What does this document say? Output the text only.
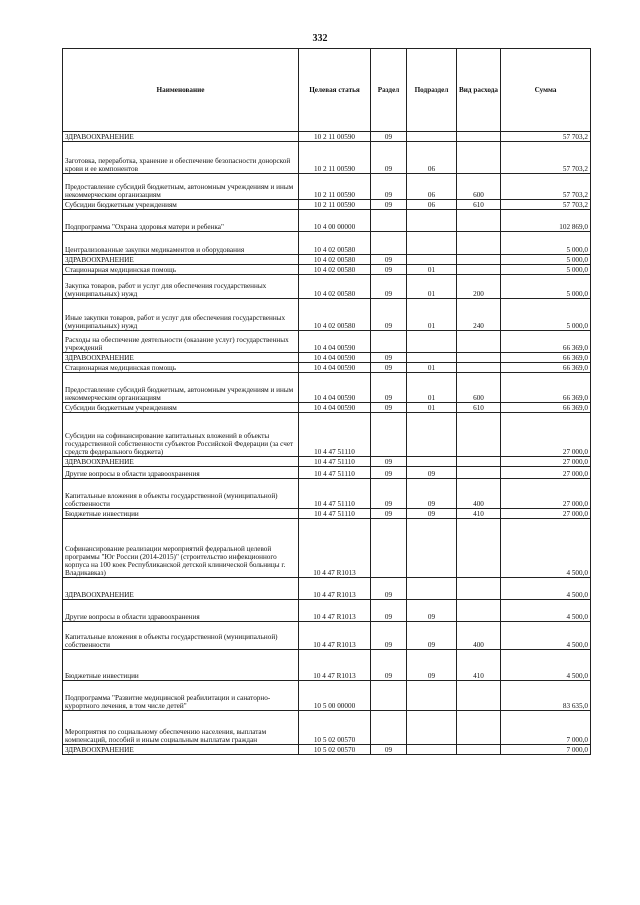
332
Наименование	Целевая статья	Раздел	Подраздел	Вид расхода	Сумма
ЗДРАВООХРАНЕНИЕ	10 2 11 00590	09			57 703,2
Заготовка, переработка, хранение и обеспечение безопасности донорской крови и ее компонентов	10 2 11 00590	09	06		57 703,2
Предоставление субсидий бюджетным, автономным учреждениям и иным некоммерческим организациям	10 2 11 00590	09	06	600	57 703,2
Субсидии бюджетным учреждениям	10 2 11 00590	09	06	610	57 703,2
Подпрограмма "Охрана здоровья матери и ребенка"	10 4 00 00000				102 869,0
Централизованные закупки медикаментов и оборудования	10 4 02 00580				5 000,0
ЗДРАВООХРАНЕНИЕ	10 4 02 00580	09			5 000,0
Стационарная медицинская помощь	10 4 02 00580	09	01		5 000,0
Закупка товаров, работ и услуг для обеспечения государственных (муниципальных) нужд	10 4 02 00580	09	01	200	5 000,0
Иные закупки товаров, работ и услуг для обеспечения государственных (муниципальных) нужд	10 4 02 00580	09	01	240	5 000,0
Расходы на обеспечение деятельности (оказание услуг) государственных учреждений	10 4 04 00590				66 369,0
ЗДРАВООХРАНЕНИЕ	10 4 04 00590	09			66 369,0
Стационарная медицинская помощь	10 4 04 00590	09	01		66 369,0
Предоставление субсидий бюджетным, автономным учреждениям и иным некоммерческим организациям	10 4 04 00590	09	01	600	66 369,0
Субсидии бюджетным учреждениям	10 4 04 00590	09	01	610	66 369,0
Субсидии на софинансирование капитальных вложений в объекты государственной собственности субъектов Российской Федерации (за счет средств федерального бюджета)	10 4 47 51110				27 000,0
ЗДРАВООХРАНЕНИЕ	10 4 47 51110	09			27 000,0
Другие вопросы в области здравоохранения	10 4 47 51110	09	09		27 000,0
Капитальные вложения в объекты государственной (муниципальной) собственности	10 4 47 51110	09	09	400	27 000,0
Бюджетные инвестиции	10 4 47 51110	09	09	410	27 000,0
Софинансирование реализации мероприятий федеральной целевой программы "Юг России (2014-2015)" (строительство инфекционного корпуса на 100 коек Республиканской детской клинической больницы г. Владикавказ)	10 4 47 R1013				4 500,0
ЗДРАВООХРАНЕНИЕ	10 4 47 R1013	09			4 500,0
Другие вопросы в области здравоохранения	10 4 47 R1013	09	09		4 500,0
Капитальные вложения в объекты государственной (муниципальной) собственности	10 4 47 R1013	09	09	400	4 500,0
Бюджетные инвестиции	10 4 47 R1013	09	09	410	4 500,0
Подпрограмма "Развитие медицинской реабилитации и санаторно-курортного лечения, в том числе детей"	10 5 00 00000				83 635,0
Мероприятия по социальному обеспечению населения, выплатам компенсаций, пособий и иным социальным выплатам граждан	10 5 02 00570				7 000,0
ЗДРАВООХРАНЕНИЕ	10 5 02 00570	09			7 000,0
